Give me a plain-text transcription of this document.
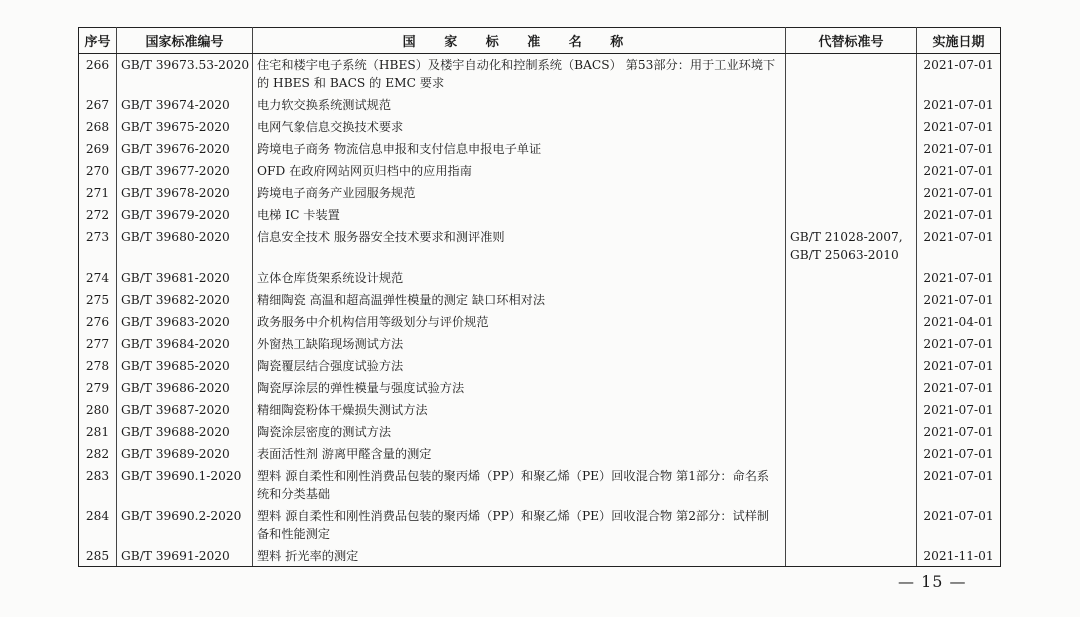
序号	国家标准编号	国 家 标 准 名 称	代替标准号	实施日期
266	GB/T 39673.53-2020	住宅和楼宇电子系统（HBES）及楼宇自动化和控制系统（BACS） 第53部分：用于工业环境下的 HBES 和 BACS 的 EMC 要求		2021-07-01
267	GB/T 39674-2020	电力软交换系统测试规范		2021-07-01
268	GB/T 39675-2020	电网气象信息交换技术要求		2021-07-01
269	GB/T 39676-2020	跨境电子商务 物流信息申报和支付信息申报电子单证		2021-07-01
270	GB/T 39677-2020	OFD 在政府网站网页归档中的应用指南		2021-07-01
271	GB/T 39678-2020	跨境电子商务产业园服务规范		2021-07-01
272	GB/T 39679-2020	电梯 IC 卡装置		2021-07-01
273	GB/T 39680-2020	信息安全技术 服务器安全技术要求和测评准则	GB/T 21028-2007, GB/T 25063-2010	2021-07-01
274	GB/T 39681-2020	立体仓库货架系统设计规范		2021-07-01
275	GB/T 39682-2020	精细陶瓷 高温和超高温弹性模量的测定 缺口环相对法		2021-07-01
276	GB/T 39683-2020	政务服务中介机构信用等级划分与评价规范		2021-04-01
277	GB/T 39684-2020	外窗热工缺陷现场测试方法		2021-07-01
278	GB/T 39685-2020	陶瓷覆层结合强度试验方法		2021-07-01
279	GB/T 39686-2020	陶瓷厚涂层的弹性模量与强度试验方法		2021-07-01
280	GB/T 39687-2020	精细陶瓷粉体干燥损失测试方法		2021-07-01
281	GB/T 39688-2020	陶瓷涂层密度的测试方法		2021-07-01
282	GB/T 39689-2020	表面活性剂 游离甲醛含量的测定		2021-07-01
283	GB/T 39690.1-2020	塑料 源自柔性和刚性消费品包装的聚丙烯（PP）和聚乙烯（PE）回收混合物 第1部分：命名系统和分类基础		2021-07-01
284	GB/T 39690.2-2020	塑料 源自柔性和刚性消费品包装的聚丙烯（PP）和聚乙烯（PE）回收混合物 第2部分：试样制备和性能测定		2021-07-01
285	GB/T 39691-2020	塑料 折光率的测定		2021-11-01
— 15 —
